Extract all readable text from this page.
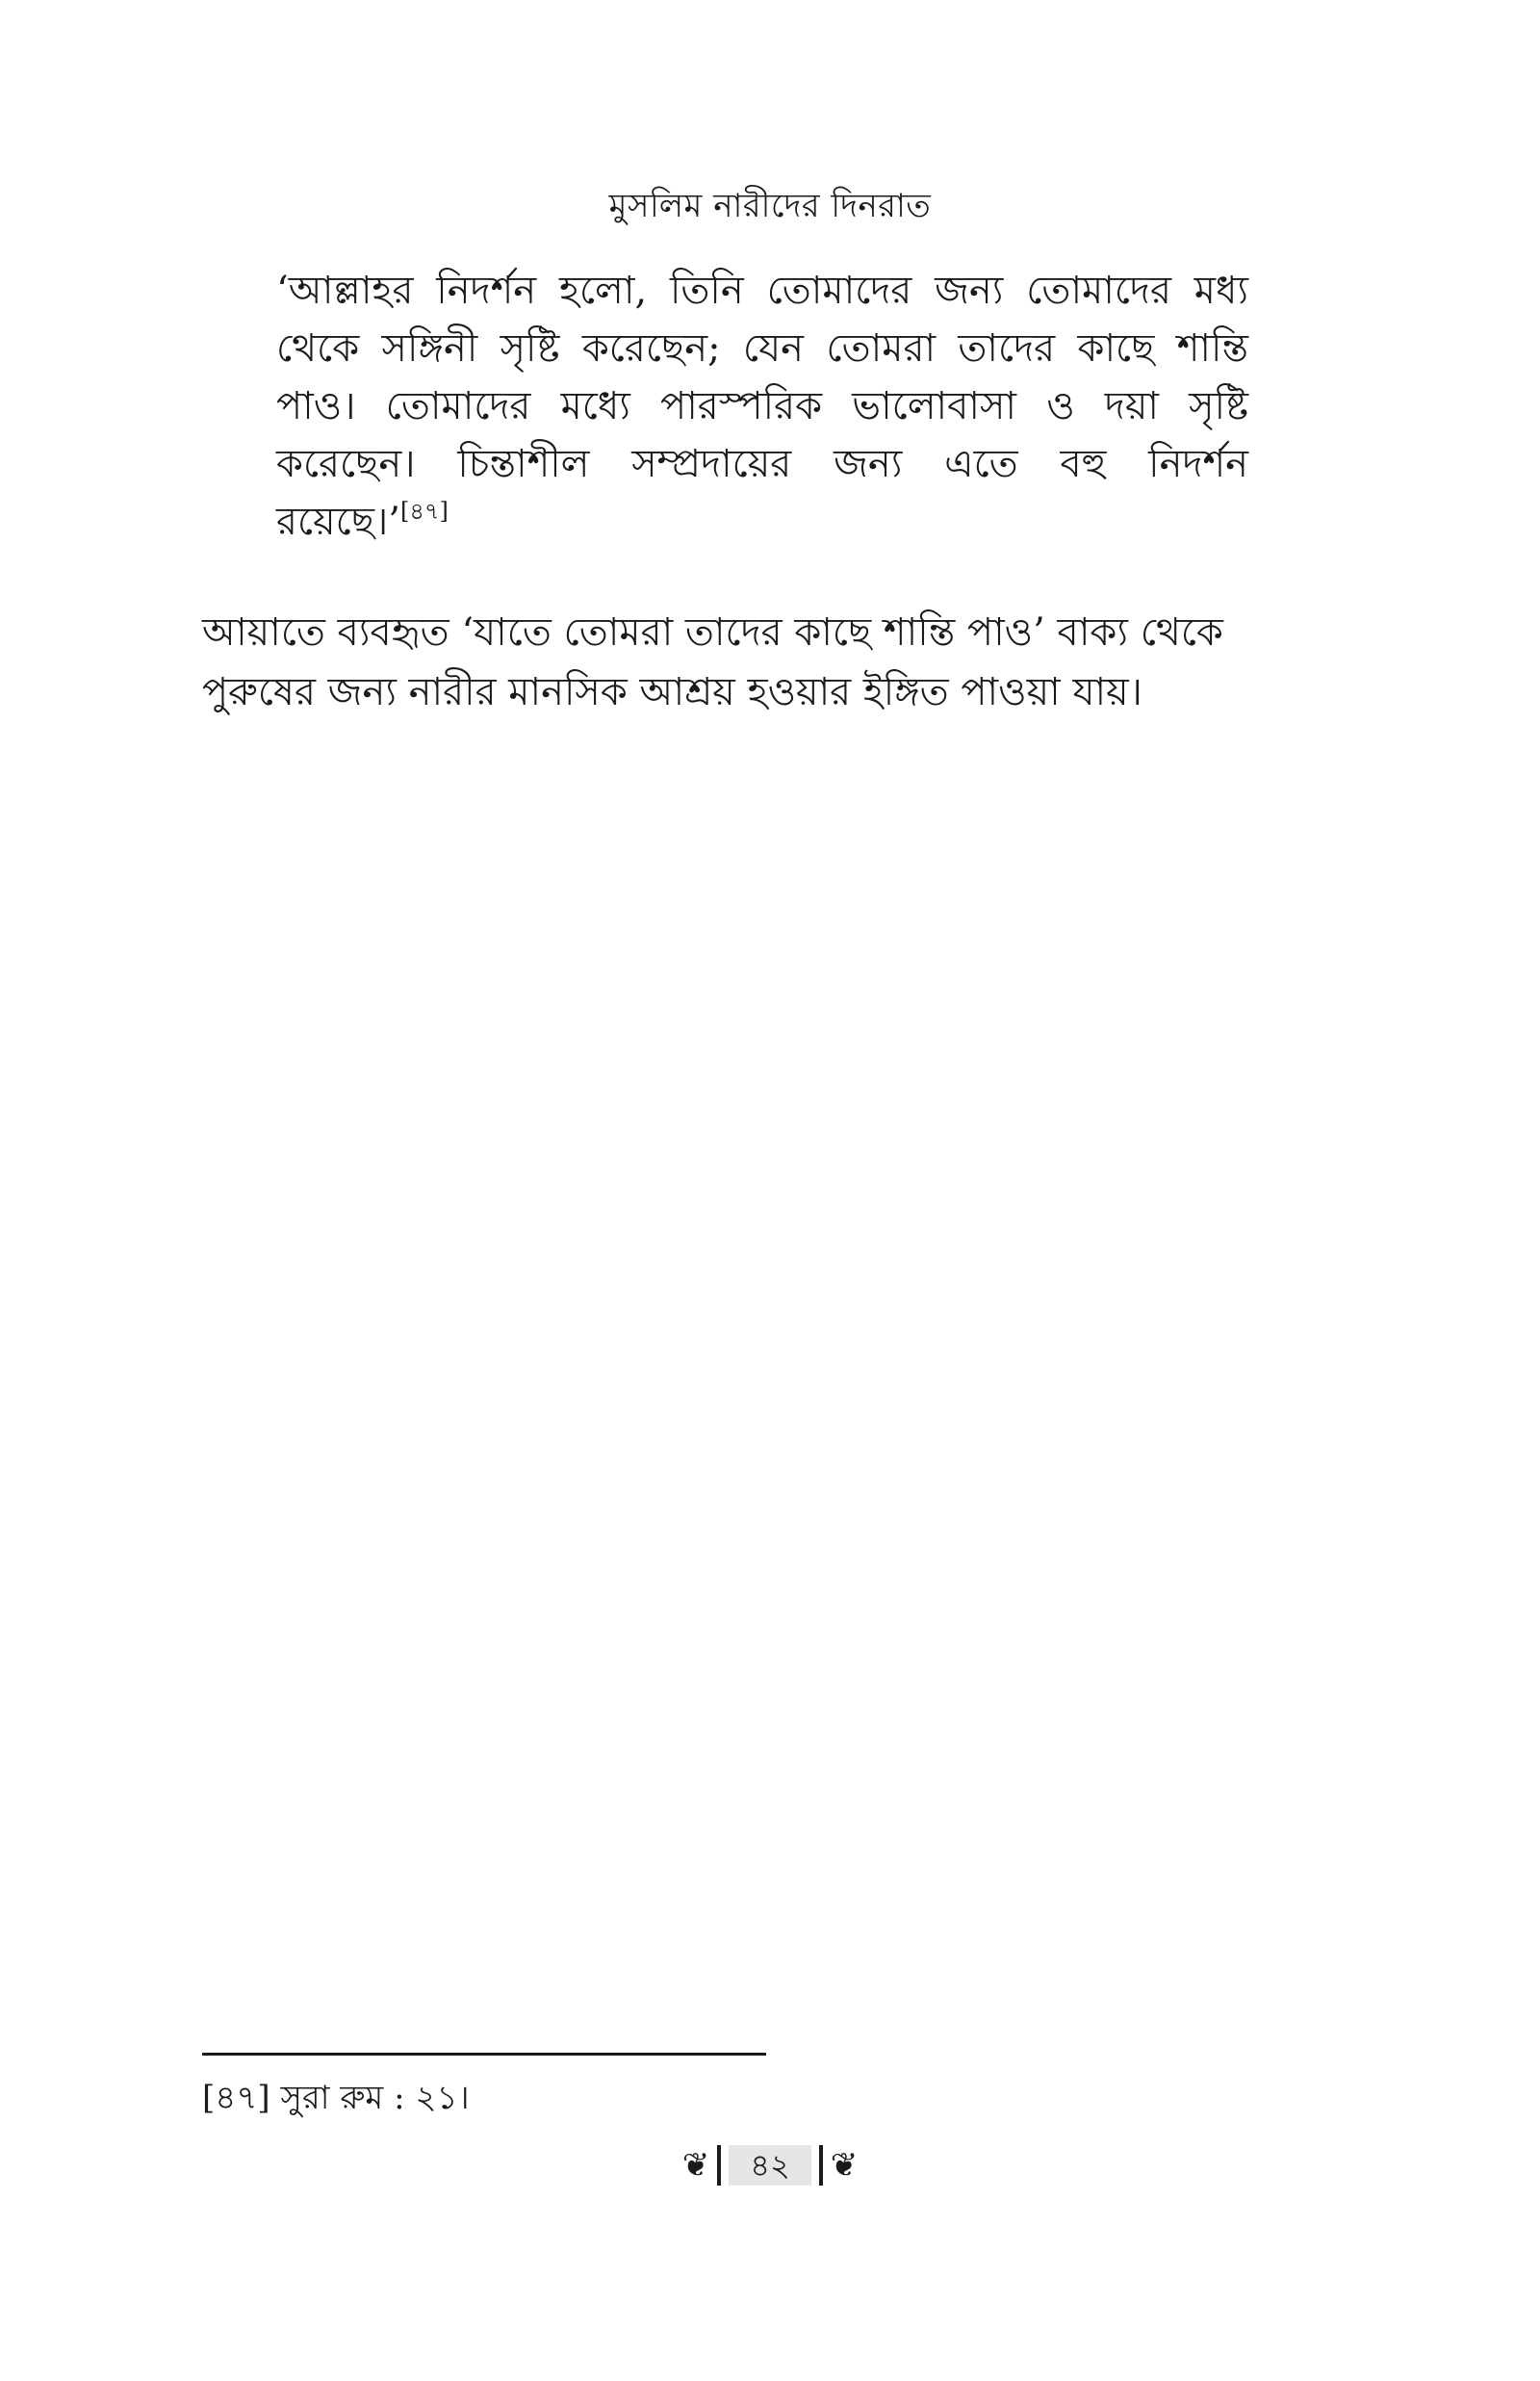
মুসলিম নারীদের দিনরাত
‘আল্লাহর নিদর্শন হলো, তিনি তোমাদের জন্য তোমাদের মধ্য থেকে সঙ্গিনী সৃষ্টি করেছেন; যেন তোমরা তাদের কাছে শান্তি পাও। তোমাদের মধ্যে পারস্পরিক ভালোবাসা ও দয়া সৃষ্টি করেছেন। চিন্তাশীল সম্প্রদায়ের জন্য এতে বহু নিদর্শন রয়েছে।’[৪৭]
আয়াতে ব্যবহৃত ‘যাতে তোমরা তাদের কাছে শান্তি পাও’ বাক্য থেকে পুরুষের জন্য নারীর মানসিক আশ্রয় হওয়ার ইঙ্গিত পাওয়া যায়।
[৪৭] সুরা রুম : ২১।
❦	৪২	❦
